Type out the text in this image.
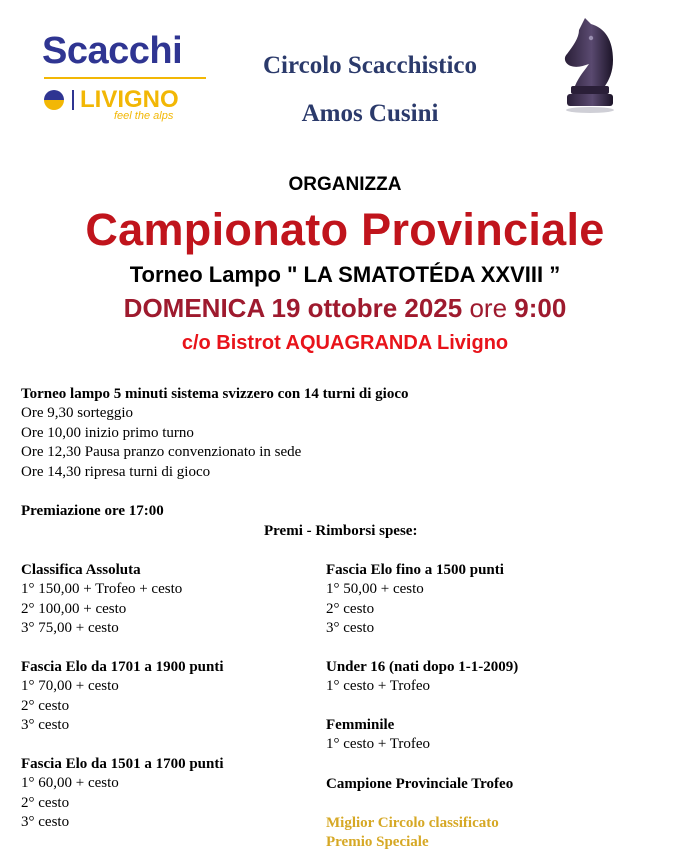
Scacchi
LIVIGNO
feel the alps
Circolo Scacchistico
Amos Cusini
ORGANIZZA
Campionato Provinciale
Torneo Lampo " LA SMATOTÉDA XXVIII ”
DOMENICA 19 ottobre 2025 ore 9:00
c/o Bistrot AQUAGRANDA Livigno
Torneo lampo 5 minuti sistema svizzero con 14 turni di gioco
Ore 9,30 sorteggio
Ore 10,00 inizio primo turno
Ore 12,30 Pausa pranzo convenzionato in sede
Ore 14,30 ripresa turni di gioco
Premiazione ore 17:00
Premi - Rimborsi spese:
Classifica Assoluta
1° 150,00 + Trofeo + cesto
2° 100,00 + cesto
3° 75,00 + cesto
Fascia Elo da 1701 a 1900 punti
1° 70,00 + cesto
2° cesto
3° cesto
Fascia Elo da 1501 a 1700 punti
1° 60,00 + cesto
2° cesto
3° cesto
Fascia Elo fino a 1500 punti
1° 50,00 + cesto
2° cesto
3° cesto
Under 16 (nati dopo 1-1-2009)
1° cesto + Trofeo
Femminile
1° cesto + Trofeo
Campione Provinciale Trofeo
Miglior Circolo classificato
Premio Speciale
